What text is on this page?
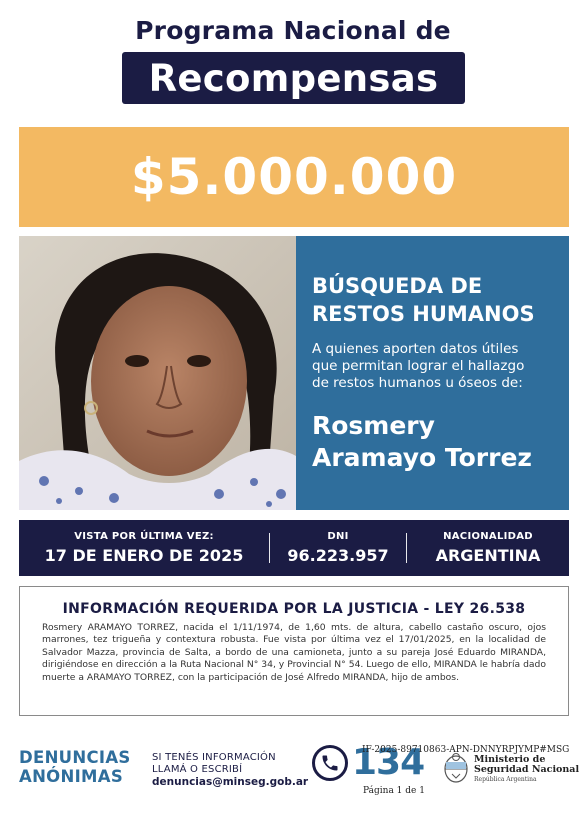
Programa Nacional de
Recompensas
$5.000.000
BÚSQUEDA DE
RESTOS HUMANOS
A quienes aporten datos útiles
que permitan lograr el hallazgo
de restos humanos u óseos de:
Rosmery
Aramayo Torrez
VISTA POR ÚLTIMA VEZ:
17 DE ENERO DE 2025
DNI
96.223.957
NACIONALIDAD
ARGENTINA
INFORMACIÓN REQUERIDA POR LA JUSTICIA - LEY 26.538
Rosmery ARAMAYO TORREZ, nacida el 1/11/1974, de 1,60 mts. de altura, cabello castaño oscuro, ojos marrones, tez trigueña y contextura robusta. Fue vista por última vez el 17/01/2025, en la localidad de Salvador Mazza, provincia de Salta, a bordo de una camioneta, junto a su pareja José Eduardo MIRANDA, dirigiéndose en dirección a la Ruta Nacional N° 34, y Provincial N° 54. Luego de ello, MIRANDA le habría dado muerte a ARAMAYO TORREZ, con la participación de José Alfredo MIRANDA, hijo de ambos.
DENUNCIAS
ANÓNIMAS
SI TENÉS INFORMACIÓN
LLAMÁ O ESCRIBÍ
denuncias@minseg.gob.ar 134
IF-2025-89710863-APN-DNNYRPJYMP#MSG
Página 1 de 1
Ministerio de
Seguridad Nacional
República Argentina
